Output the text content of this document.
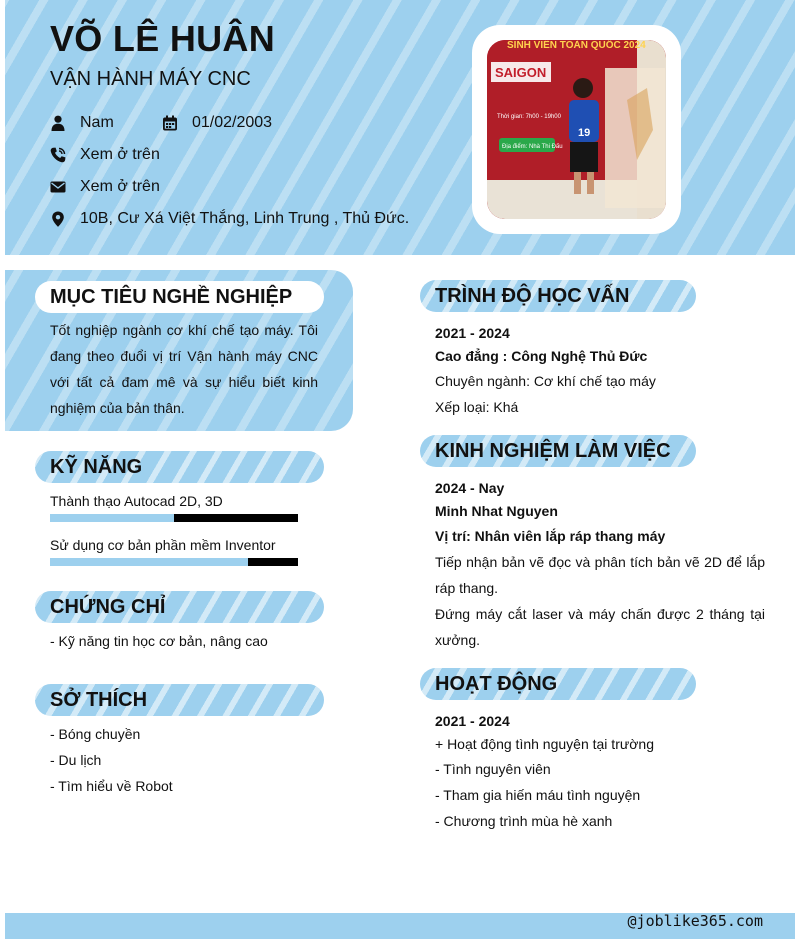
VÕ LÊ HUÂN
VẬN HÀNH MÁY CNC
Nam	01/02/2003
Xem ở trên
Xem ở trên
10B, Cư Xá Việt Thắng, Linh Trung , Thủ Đức.
SINH VIÊN TOÀN QUỐC 2024
SAIGON
Thời gian: 7h00 - 19h00
Địa điểm: Nhà Thi Đấu
19
MỤC TIÊU NGHỀ NGHIỆP
Tốt nghiệp ngành cơ khí chế tạo máy. Tôi đang theo đuổi vị trí Vận hành máy CNC với tất cả đam mê và sự hiểu biết kinh nghiệm của bản thân.
KỸ NĂNG
Thành thạo Autocad 2D, 3D
Sử dụng cơ bản phần mềm Inventor
CHỨNG CHỈ
- Kỹ năng tin học cơ bản, nâng cao
SỞ THÍCH
- Bóng chuyền
- Du lịch
- Tìm hiểu về Robot
TRÌNH ĐỘ HỌC VẤN
2021 - 2024
Cao đẳng : Công Nghệ Thủ Đức
Chuyên ngành: Cơ khí chế tạo máy
Xếp loại: Khá
KINH NGHIỆM LÀM VIỆC
2024 - Nay
Minh Nhat Nguyen
Vị trí: Nhân viên lắp ráp thang máy
Tiếp nhận bản vẽ đọc và phân tích bản vẽ 2D để lắp ráp thang.
Đứng máy cắt laser và máy chấn được 2 tháng tại xưởng.
HOẠT ĐỘNG
2021 - 2024
+ Hoạt động tình nguyện tại trường
- Tình nguyên viên
- Tham gia hiến máu tình nguyện
- Chương trình mùa hè xanh
@joblike365.com
